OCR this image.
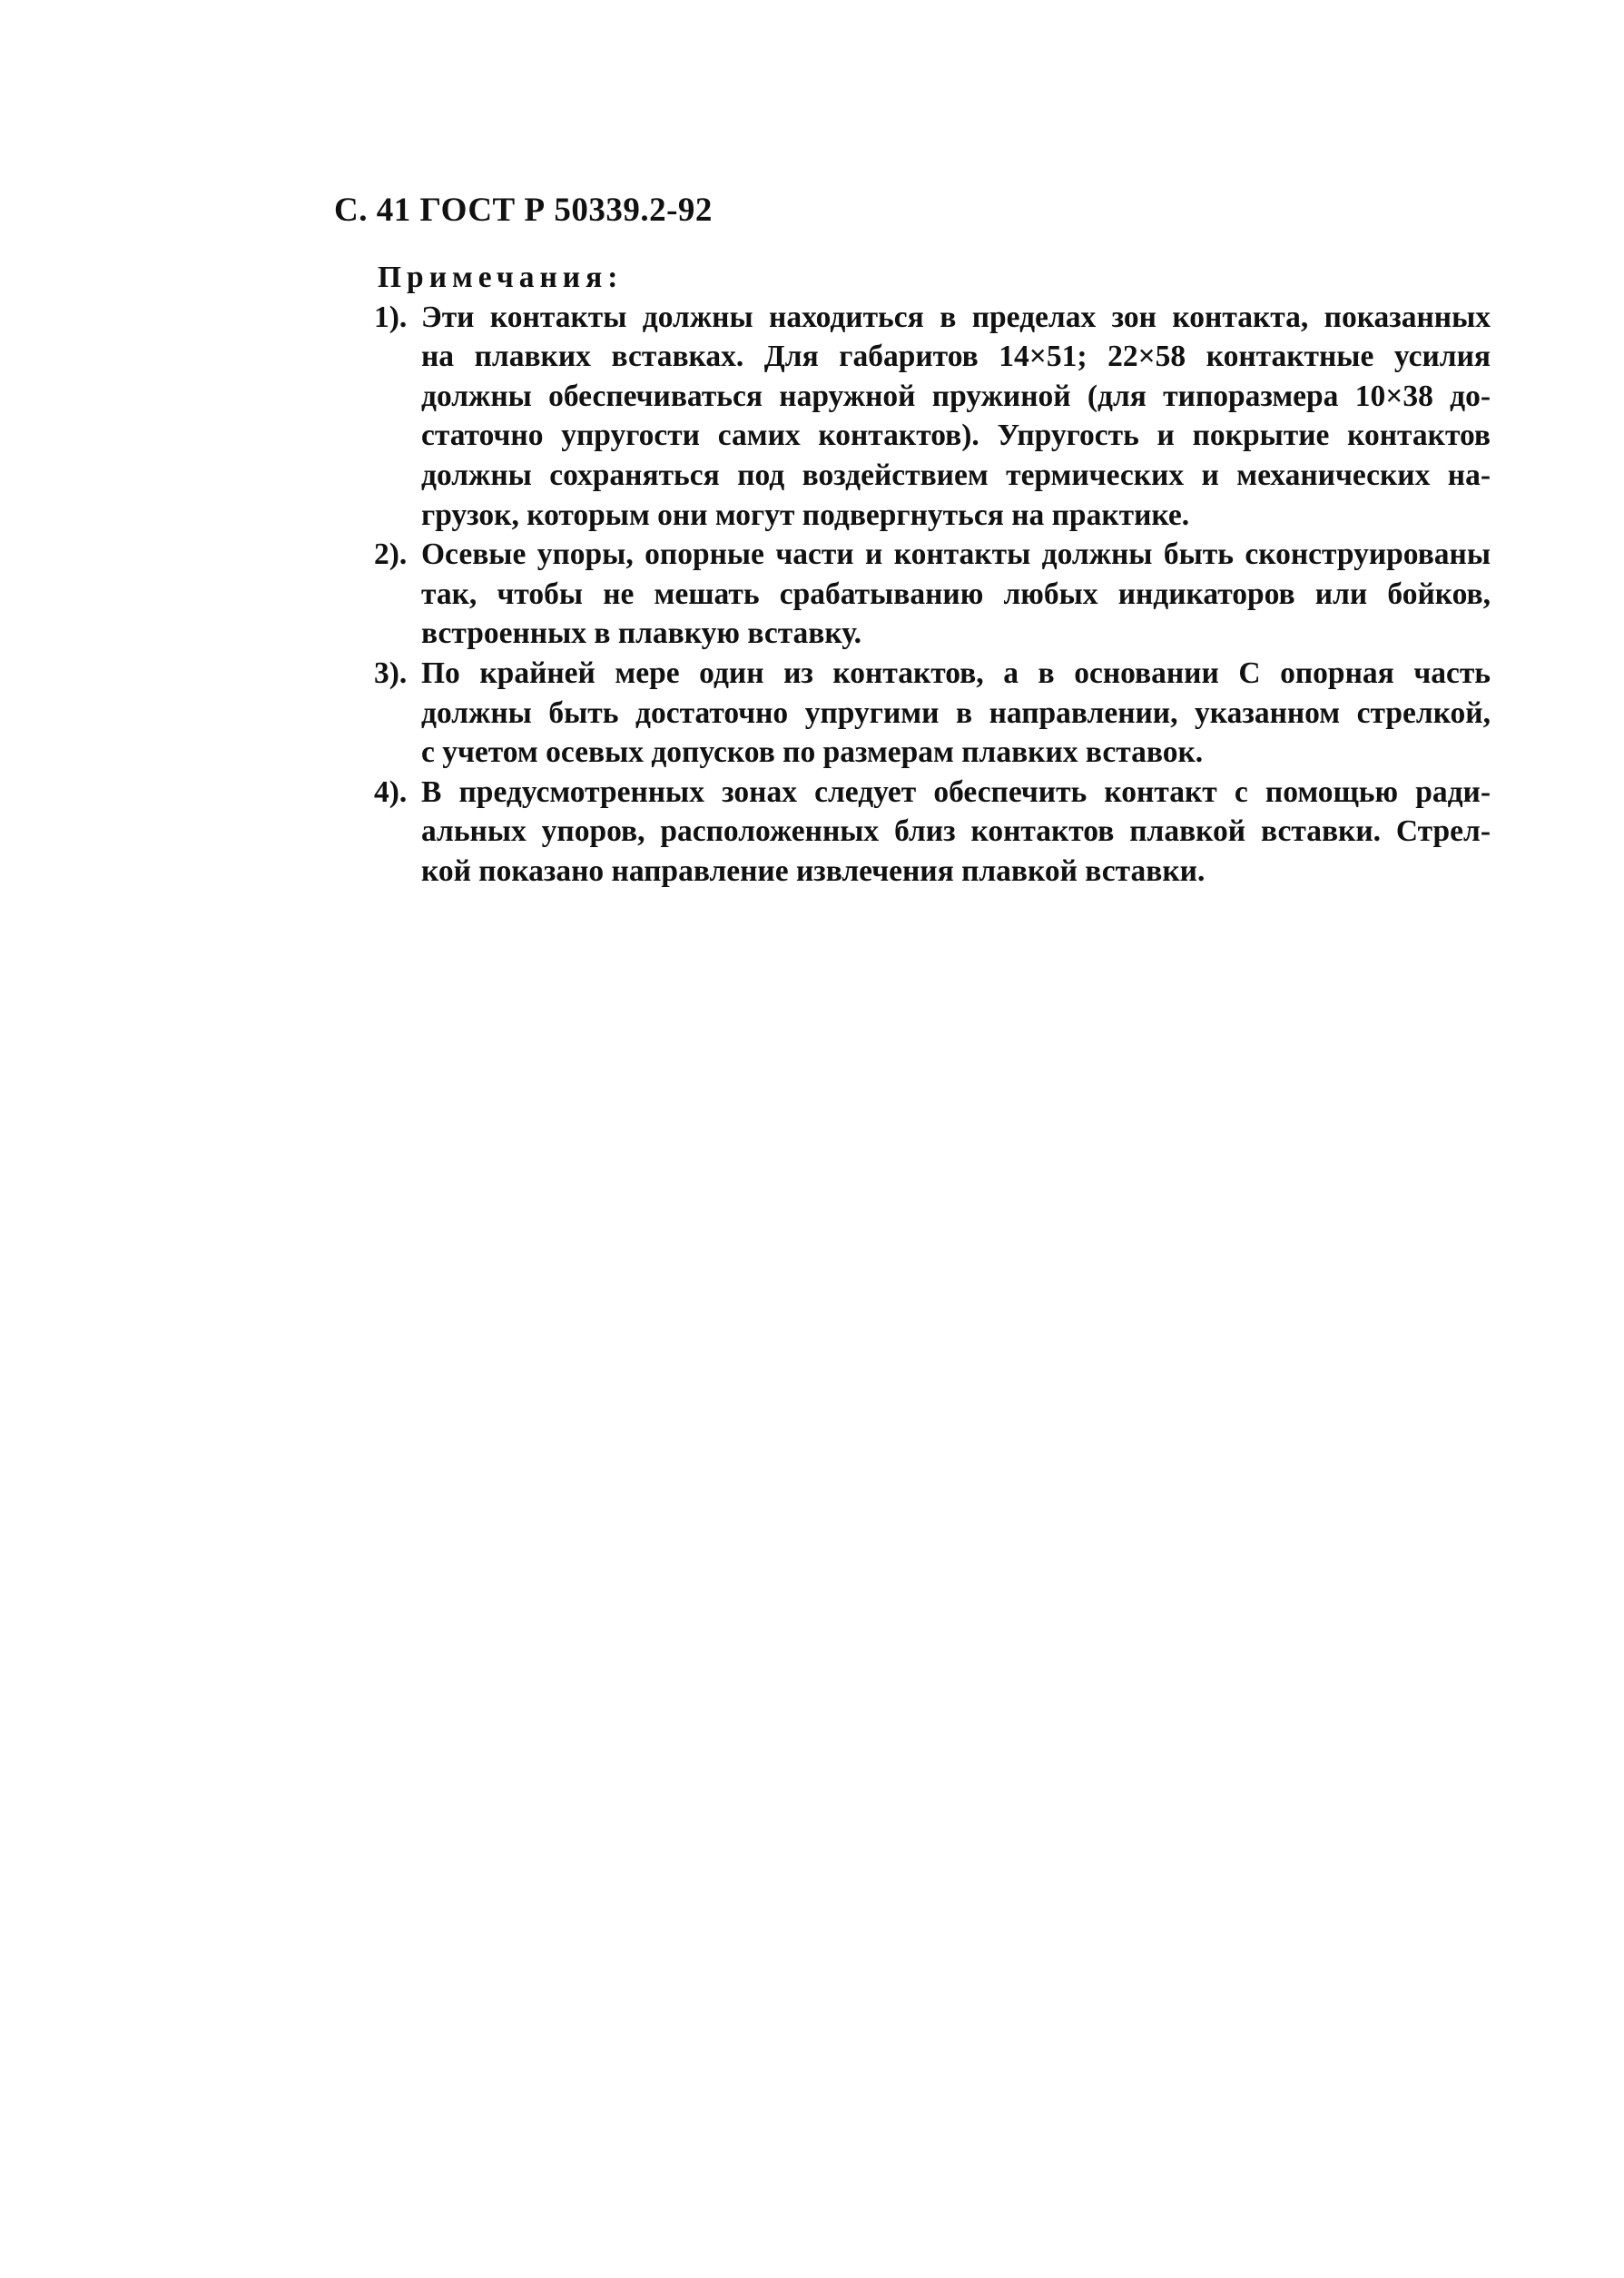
С. 41 ГОСТ Р 50339.2-92
Примечания:
1). Эти контакты должны находиться в пределах зон контакта, показанных
на плавких вставках. Для габаритов 14×51; 22×58 контактные усилия
должны обеспечиваться наружной пружиной (для типоразмера 10×38 до-
статочно упругости самих контактов). Упругость и покрытие контактов
должны сохраняться под воздействием термических и механических на-
грузок, которым они могут подвергнуться на практике.
2). Осевые упоры, опорные части и контакты должны быть сконструированы
так, чтобы не мешать срабатыванию любых индикаторов или бойков,
встроенных в плавкую вставку.
3). По крайней мере один из контактов, а в основании С опорная часть
должны быть достаточно упругими в направлении, указанном стрелкой,
с учетом осевых допусков по размерам плавких вставок.
4). В предусмотренных зонах следует обеспечить контакт с помощью ради-
альных упоров, расположенных близ контактов плавкой вставки. Стрел-
кой показано направление извлечения плавкой вставки.
